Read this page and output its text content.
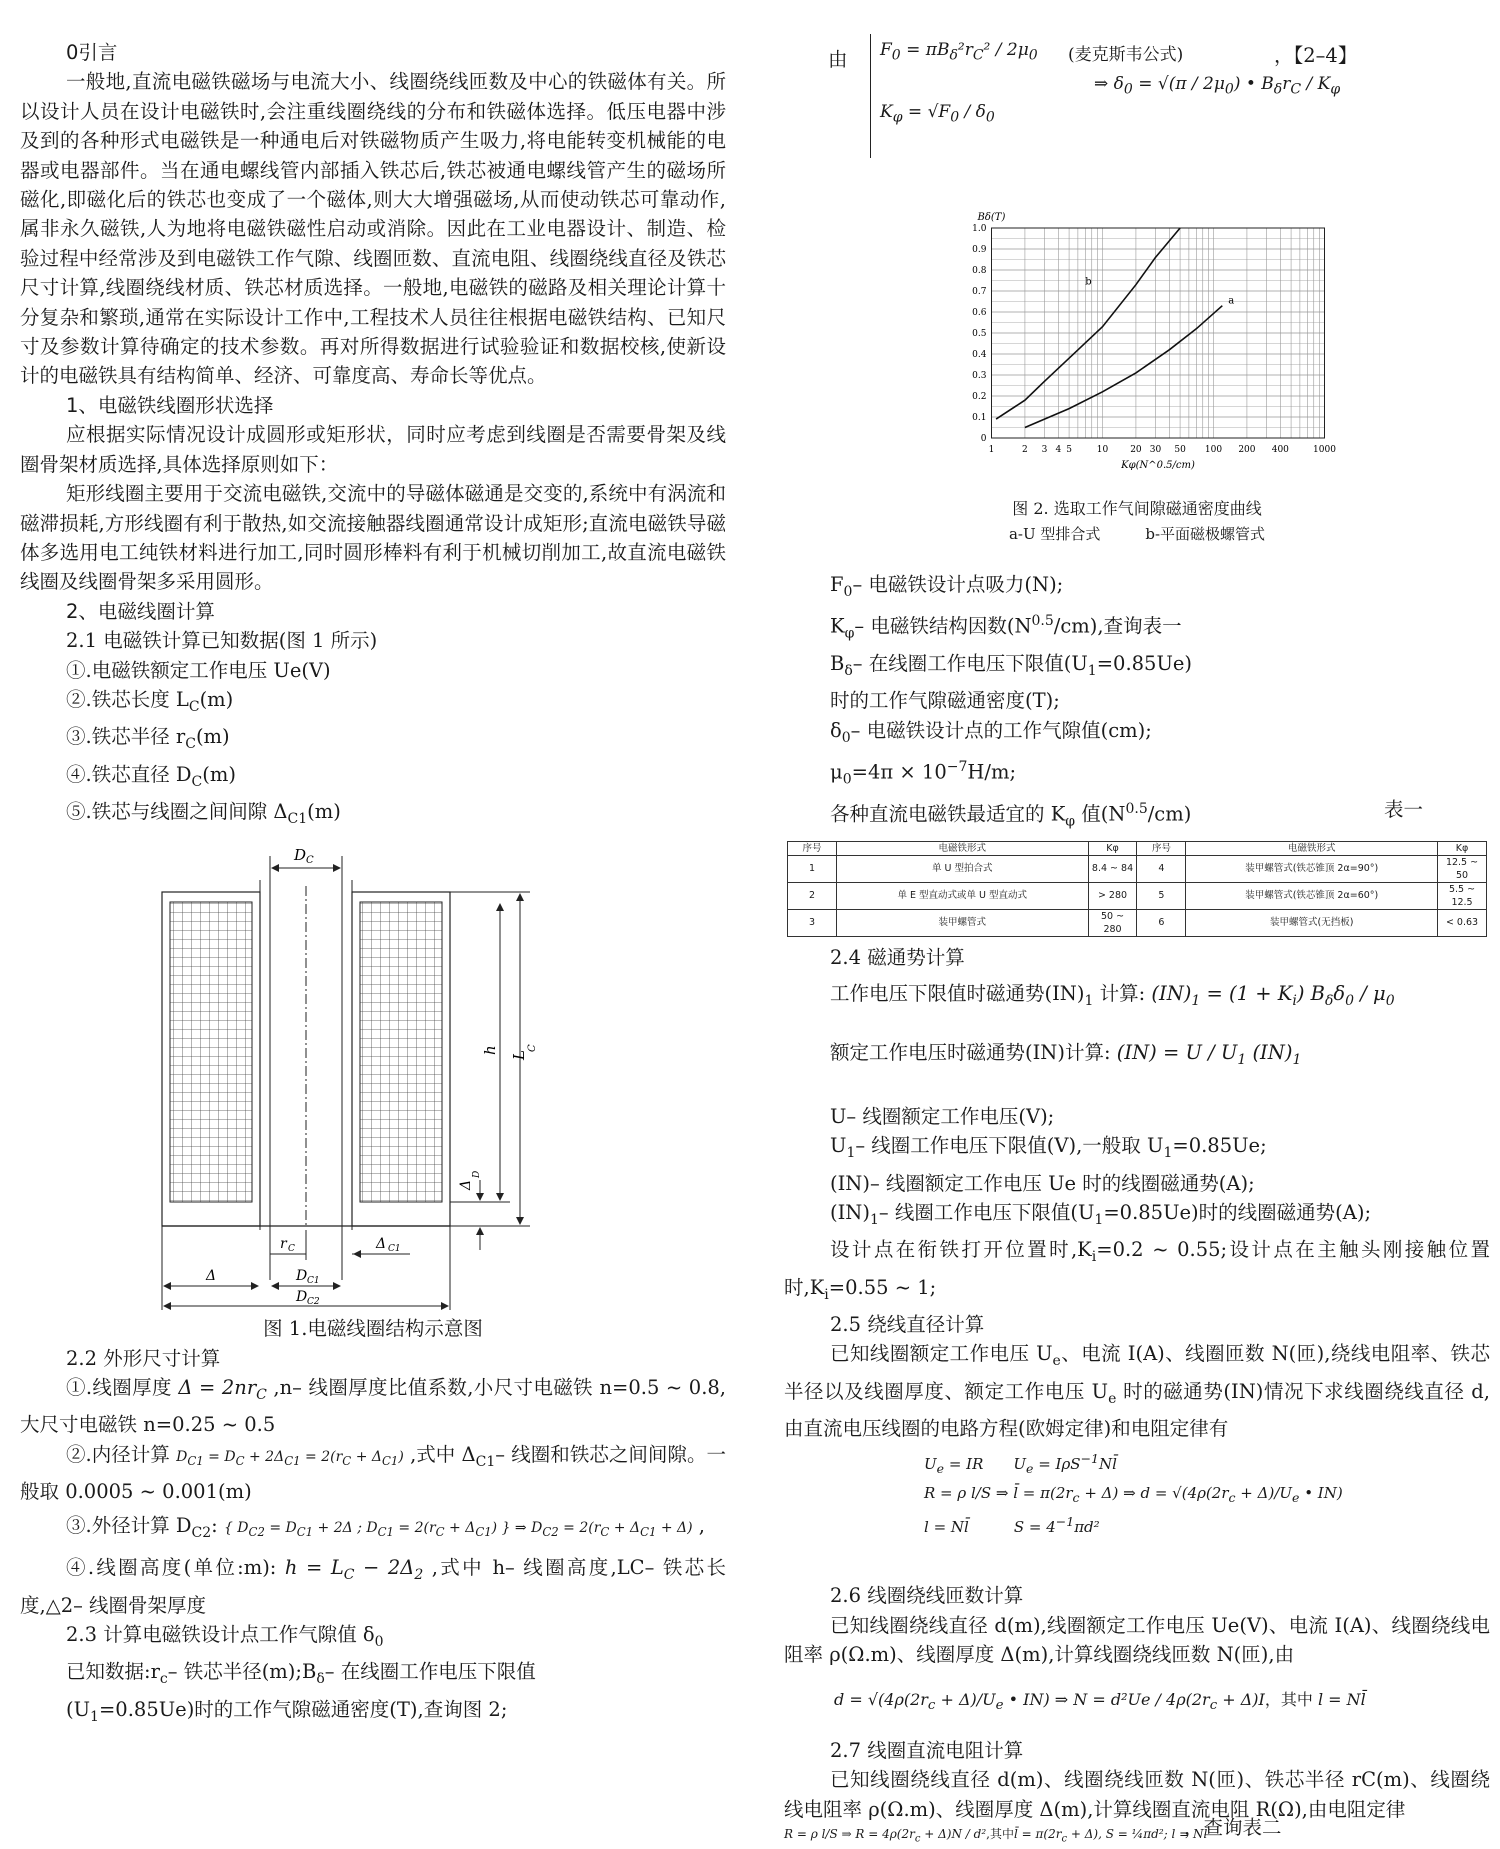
0引言

一般地,直流电磁铁磁场与电流大小、线圈绕线匝数及中心的铁磁体有关。所以设计人员在设计电磁铁时,会注重线圈绕线的分布和铁磁体选择。低压电器中涉及到的各种形式电磁铁是一种通电后对铁磁物质产生吸力,将电能转变机械能的电器或电器部件。当在通电螺线管内部插入铁芯后,铁芯被通电螺线管产生的磁场所磁化,即磁化后的铁芯也变成了一个磁体,则大大增强磁场,从而使动铁芯可靠动作,属非永久磁铁,人为地将电磁铁磁性启动或消除。因此在工业电器设计、制造、检验过程中经常涉及到电磁铁工作气隙、线圈匝数、直流电阻、线圈绕线直径及铁芯尺寸计算,线圈绕线材质、铁芯材质选择。一般地,电磁铁的磁路及相关理论计算十分复杂和繁琐,通常在实际设计工作中,工程技术人员往往根据电磁铁结构、已知尺寸及参数计算待确定的技术参数。再对所得数据进行试验验证和数据校核,使新设计的电磁铁具有结构简单、经济、可靠度高、寿命长等优点。

1、电磁铁线圈形状选择

应根据实际情况设计成圆形或矩形状，同时应考虑到线圈是否需要骨架及线圈骨架材质选择,具体选择原则如下：

矩形线圈主要用于交流电磁铁,交流中的导磁体磁通是交变的,系统中有涡流和磁滞损耗,方形线圈有利于散热,如交流接触器线圈通常设计成矩形;直流电磁铁导磁体多选用电工纯铁材料进行加工,同时圆形棒料有利于机械切削加工,故直流电磁铁线圈及线圈骨架多采用圆形。

2、电磁线圈计算

2.1 电磁铁计算已知数据(图 1 所示)

①.电磁铁额定工作电压 Ue(V)

②.铁芯长度 $L_C(m)$

③.铁芯半径 $r_C(m)$

④.铁芯直径 $D_C(m)$

⑤.铁芯与线圈之间间隙 $\Delta_{C1}(m)$

D C
L
C
h
Δ
D
r C	Δ C1
Δ	D C1
D C2

图 1.电磁线圈结构示意图

2.2 外形尺寸计算

①.线圈厚度 $\Delta = 2nr_C$ ,n– 线圈厚度比值系数,小尺寸电磁铁 n=0.5 ~ 0.8,大尺寸电磁铁 n=0.25 ~ 0.5

②.内径计算 $D_{C1} = D_C + 2\Delta_{C1} = 2(r_C + \Delta_{C1})$ ,式中 $\Delta_{C1}-$ 线圈和铁芯之间间隙。一般取 0.0005 ~ 0.001(m)

③.外径计算 $D_{C2}$: { $D_{C2} = D_{C1} + 2\Delta$ ; $D_{C1} = 2(r_C + \Delta_{C1})$ } ⇒ $D_{C2} = 2(r_C + \Delta_{C1} + \Delta)$ ,

④.线圈高度(单位:m): $h = L_C - 2\Delta_2$ ,式中 h– 线圈高度,LC– 铁芯长度,△2– 线圈骨架厚度

2.3 计算电磁铁设计点工作气隙值 $\delta_0$

已知数据$:r_c-$ 铁芯半径$(m);B_\delta-$ 在线圈工作电压下限值

$(U_1=0.85Ue)$时的工作气隙磁通密度(T),查询图 2;

由 $F_0 = \pi B_\delta^2r_C^2 / 2\mu_0$ (麦克斯韦公式)
$K_\varphi = √F_0 / \delta_0$
⇒ $\delta_0 = √(\pi / 2\mu_0)$ • $B_\delta r_C / K_\varphi$
，【2–4】
1	2 3 4 5	10 20 30 50 100 200 400	1000
0
0.1
0.2
0.3
0.4
0.5
0.6
0.7
0.8
0.9
1.0
Bδ(T)
Kφ(N^0.5/cm)
a
b

图 2. 选取工作气间隙磁通密度曲线

a-U 型排合式　　　b-平面磁极螺管式

$F_0-$ 电磁铁设计点吸力(N);

$K_\varphi-$ 电磁铁结构因数$(N^{0.5}/cm)$,查询表一

$B_\delta-$ 在线圈工作电压下限值$(U_1=0.85Ue)$

时的工作气隙磁通密度(T);

$\delta_0-$ 电磁铁设计点的工作气隙值(cm);

$\mu_0=4\pi \times 10^{-7}H/m$;

各种直流电磁铁最适宜的 $K_\varphi$ 值$(N^{0.5}/cm)$	表一

序号	电磁铁形式	Kφ	序号	电磁铁形式	Kφ
1	单 U 型拍合式	8.4 ~ 84	4	装甲螺管式(铁芯锥顶 2α=90°)	12.5 ~ 50
2	单 E 型直动式或单 U 型直动式	> 280	5	装甲螺管式(铁芯锥顶 2α=60°)	5.5 ~ 12.5
3	装甲螺管式	50 ~ 280	6	装甲螺管式(无挡板)	< 0.63

2.4 磁通势计算

工作电压下限值时磁通势$(IN)_1$ 计算: $(IN)_1 = (1 + K_i)$ $B_\delta\delta_0 / \mu_0$

额定工作电压时磁通势(IN)计算: $(IN) = U / U_1$ $(IN)_1$

U– 线圈额定工作电压(V);

$U_1-$ 线圈工作电压下限值(V),一般取 $U_1=0.85Ue$;

(IN)– 线圈额定工作电压 Ue 时的线圈磁通势(A);

$(IN)_1-$ 线圈工作电压下限值$(U_1=0.85Ue)$时的线圈磁通势(A);

设计点在衔铁打开位置时$,K_i=0.2$ ~ 0.55;设计点在主触头刚接触位置时$,K_i=0.55$ ~ 1;

2.5 绕线直径计算

已知线圈额定工作电压 $U_e$、电流 I(A)、线圈匝数 N(匝),绕线电阻率、铁芯半径以及线圈厚度、额定工作电压 $U_e$ 时的磁通势(IN)情况下求线圈绕线直径 d,由直流电压线圈的电路方程(欧姆定律)和电阻定律有

$U_e$ = IR　　$U_e$ = IρS$^{-1}$Nl̄
R = ρ l/S ⇒ l̄ = $\pi(2r_c + \Delta)$ ⇒ $d = √(4\rho(2r_c + \Delta)/U_e$ • IN)
l = Nl̄　　　$S = 4^{-1}\pi d^2$

2.6 线圈绕线匝数计算

已知线圈绕线直径 d(m),线圈额定工作电压 Ue(V)、电流 I(A)、线圈绕线电阻率 ρ(Ω.m)、线圈厚度 Δ(m),计算线圈绕线匝数 N(匝),由

$d = √(4\rho(2r_c + \Delta)/U_e$ • IN) ⇒ $N = d^2Ue / 4\rho(2r_c + \Delta)I$，其中 l = Nl̄

2.7 线圈直流电阻计算

已知线圈绕线直径 d(m)、线圈绕线匝数 N(匝)、铁芯半径 rC(m)、线圈绕线电阻率 ρ(Ω.m)、线圈厚度 Δ(m),计算线圈直流电阻 R(Ω),由电阻定律

R = ρ l/S ⇒ $R = 4\rho(2r_c + \Delta)N / d^2$,其中l̄ = $\pi(2r_c + \Delta)$, S = ¼πd²; l = Nl̄
，查询表二
